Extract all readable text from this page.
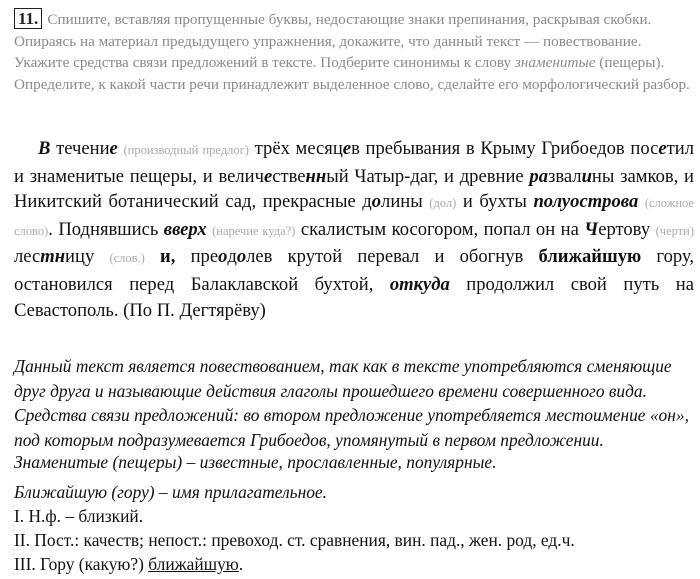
11. Спишите, вставляя пропущенные буквы, недостающие знаки препинания, раскрывая скобки. Опираясь на материал предыдущего упражнения, докажите, что данный текст — повествование. Укажите средства связи предложений в тексте. Подберите синонимы к слову знаменитые (пещеры). Определите, к какой части речи принадлежит выделенное слово, сделайте его морфологический разбор.
В течение (производный предлог) трёх месяцев пребывания в Крыму Грибоедов посетил и знаменитые пещеры, и величественный Чатыр-даг, и древние развалины замков, и Никитский ботанический сад, прекрасные долины (дол) и бухты полуострова (сложное слово). Поднявшись вверх (наречие куда?) скалистым косогором, попал он на Чертову (черти) лестницу (слов.) и, преодолев крутой перевал и обогнув ближайшую гору, остановился перед Балаклавской бухтой, откуда продолжил свой путь на Севастополь. (По П. Дегтярёву)
Данный текст является повествованием, так как в тексте употребляются сменяющие друг друга и называющие действия глаголы прошедшего времени совершенного вида. Средства связи предложений: во втором предложение употребляется местоимение «он», под которым подразумевается Грибоедов, упомянутый в первом предложении.
Знаменитые (пещеры) – известные, прославленные, популярные.
Ближайшую (гору) – имя прилагательное.
I. Н.ф. – близкий.
II. Пост.: качеств; непост.: превоход. ст. сравнения, вин. пад., жен. род, ед.ч.
III. Гору (какую?) ближайшую.
